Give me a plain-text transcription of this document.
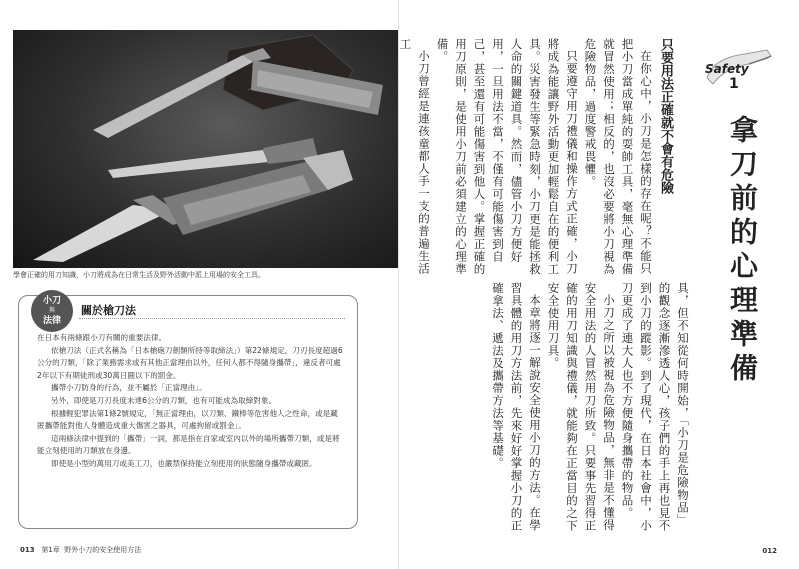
學會正確的用刀知識，小刀將成為在日常生活及野外活動中派上用場的安全工具。
小刀
與
法律
關於槍刀法

在日本有兩條跟小刀有關的重要法律。

依槍刀法（正式名稱為「日本槍砲刀劍類所持等取締法」）第22條規定，刀刃長度超過6公分的刀類，「除了業務需求或有其他正當理由以外，任何人都不得隨身攜帶」，違反者可處2年以下有期徒刑或30萬日圓以下的罰金。

攜帶小刀防身的行為，並不屬於「正當理由」。

另外，即使是刀刃長度未達6公分的刀類，也有可能成為取締對象。

根據輕犯罪法第1條2號規定，「無正當理由，以刀類、鐵棒等危害他人之性命，或是藏匿攜帶能對他人身體造成重大傷害之器具，可處拘留或罰金」。

這兩條法律中提到的「攜帶」一詞，都是指在自家或室內以外的場所攜帶刀類，或是將能立刻使用的刀類放在身邊。

即使是小型的萬用刀或美工刀，也嚴禁保持能立刻使用的狀態隨身攜帶或藏匿。

013 第1章 野外小刀的安全使用方法
Safety
1
拿刀前的心理準備
只要用法正確就不會有危險

在你心中，小刀是怎樣的存在呢？不能只把小刀當成單純的耍帥工具，毫無心理準備就冒然使用；相反的，也沒必要將小刀視為危險物品，過度警戒畏懼。

只要遵守用刀禮儀和操作方式正確，小刀將成為能讓野外活動更加輕鬆自在的便利工具。災害發生等緊急時刻，小刀更是能拯救人命的關鍵道具。然而，儘管小刀方便好用，一旦用法不當，不僅有可能傷害到自己，甚至還有可能傷害到他人。掌握正確的用刀原則，是使用小刀前必須建立的心理準備。

小刀曾經是連孩童都人手一支的普遍生活工

具，但不知從何時開始，「小刀是危險物品」的觀念逐漸滲透人心，孩子們的手上再也見不到小刀的蹤影。到了現代，在日本社會中，小刀更成了連大人也不方便隨身攜帶的物品。

小刀之所以被視為危險物品，無非是不懂得安全用法的人冒然用刀所致。只要事先習得正確的用刀知識與禮儀，就能夠在正當目的之下安全使用刀具。

本章將逐一解說安全使用小刀的方法。在學習具體的用刀方法前，先來好好掌握小刀的正確拿法、遞法及攜帶方法等基礎。

012
